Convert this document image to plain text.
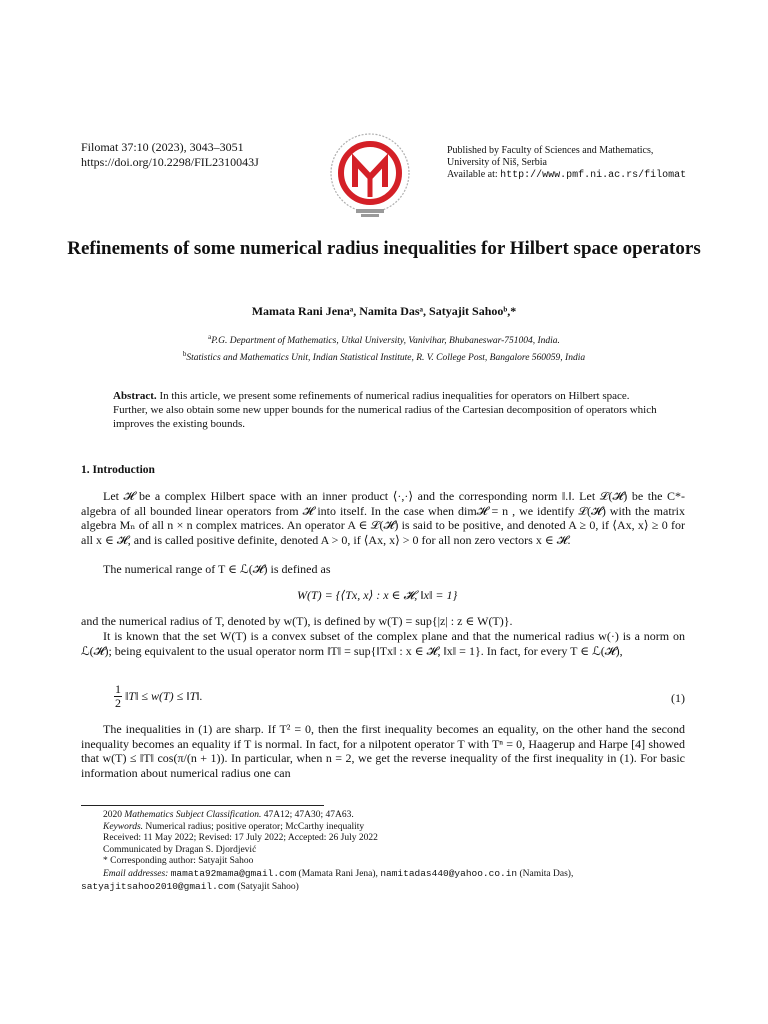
Filomat 37:10 (2023), 3043–3051
https://doi.org/10.2298/FIL2310043J
Published by Faculty of Sciences and Mathematics,
University of Niš, Serbia
Available at: http://www.pmf.ni.ac.rs/filomat
Refinements of some numerical radius inequalities for Hilbert space operators
Mamata Rani Jenaᵃ, Namita Dasᵃ, Satyajit Sahooᵇ,*
$^a$P.G. Department of Mathematics, Utkal University, Vanivihar, Bhubaneswar-751004, India.
$^b$Statistics and Mathematics Unit, Indian Statistical Institute, R. V. College Post, Bangalore 560059, India
Abstract. In this article, we present some refinements of numerical radius inequalities for operators on Hilbert space. Further, we also obtain some new upper bounds for the numerical radius of the Cartesian decomposition of operators which improves the existing bounds.
1. Introduction
Let 𝓗 be a complex Hilbert space with an inner product ⟨·,·⟩ and the corresponding norm ‖.‖. Let ℒ(𝓗) be the C*-algebra of all bounded linear operators from 𝓗 into itself. In the case when dim𝓗 = n , we identify ℒ(𝓗) with the matrix algebra Mₙ of all n × n complex matrices. An operator A ∈ ℒ(𝓗) is said to be positive, and denoted A ≥ 0, if ⟨Ax, x⟩ ≥ 0 for all x ∈ 𝓗, and is called positive definite, denoted A > 0, if ⟨Ax, x⟩ > 0 for all non zero vectors x ∈ 𝓗.
The numerical range of T ∈ ℒ(𝓗) is defined as
W(T) = {⟨Tx, x⟩ : x ∈ 𝓗, ‖x‖ = 1}
and the numerical radius of T, denoted by w(T), is defined by w(T) = sup{|z| : z ∈ W(T)}.
It is known that the set W(T) is a convex subset of the complex plane and that the numerical radius w(·) is a norm on ℒ(𝓗); being equivalent to the usual operator norm ‖T‖ = sup{‖Tx‖ : x ∈ 𝓗, ‖x‖ = 1}. In fact, for every T ∈ ℒ(𝓗),
$\frac{1}{2}$ ‖T‖ ≤ w(T) ≤ ‖T‖.	(1)
The inequalities in (1) are sharp. If T² = 0, then the first inequality becomes an equality, on the other hand the second inequality becomes an equality if T is normal. In fact, for a nilpotent operator T with Tⁿ = 0, Haagerup and Harpe [4] showed that w(T) ≤ ‖T‖ cos(π/(n + 1)). In particular, when n = 2, we get the reverse inequality of the first inequality in (1). For basic information about numerical radius one can
2020 Mathematics Subject Classification. 47A12; 47A30; 47A63.
Keywords. Numerical radius; positive operator; McCarthy inequality
Received: 11 May 2022; Revised: 17 July 2022; Accepted: 26 July 2022
Communicated by Dragan S. Djordjević
* Corresponding author: Satyajit Sahoo
Email addresses: mamata92mama@gmail.com (Mamata Rani Jena), namitadas440@yahoo.co.in (Namita Das),
satyajitsahoo2010@gmail.com (Satyajit Sahoo)
